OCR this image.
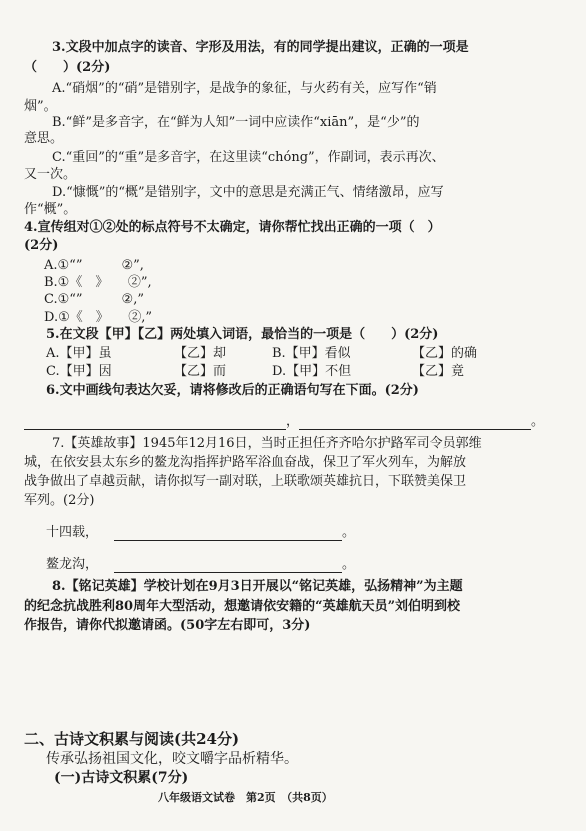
3.文段中加点字的读音、字形及用法，有的同学提出建议，正确的一项是
（　　）(2分)
A.“硝烟”的“硝”是错别字，是战争的象征，与火药有关，应写作“销
烟”。
B.“鲜”是多音字，在“鲜为人知”一词中应读作“xiān”，是“少”的
意思。
C.“重回”的“重”是多音字，在这里读“chóng”，作副词，表示再次、
又一次。
D.“慷慨”的“概”是错别字，文中的意思是充满正气、情绪激昂，应写
作“概”。
4.宣传组对①②处的标点符号不太确定，请你帮忙找出正确的一项（　）
(2分)
A.①“”　　　②”,
B.①《　》　　②”,
C.①“”　　　②,”
D.①《　》　　②,”
5.在文段【甲】【乙】两处填入词语，最恰当的一项是（　　）(2分)
A.【甲】虽	【乙】却	B.【甲】看似	【乙】的确
C.【甲】因	【乙】而	D.【甲】不但	【乙】竟
6.文中画线句表达欠妥，请将修改后的正确语句写在下面。(2分)
，	。
7.【英雄故事】1945年12月16日，当时正担任齐齐哈尔护路军司令员郭维
城，在依安县太东乡的鳌龙沟指挥护路军浴血奋战，保卫了军火列车，为解放
战争做出了卓越贡献，请你拟写一副对联，上联歌颂英雄抗日，下联赞美保卫
军列。(2分)
十四载，	。
鳌龙沟，	。
8.【铭记英雄】学校计划在9月3日开展以“铭记英雄，弘扬精神”为主题
的纪念抗战胜利80周年大型活动，想邀请依安籍的“英雄航天员”刘伯明到校
作报告，请你代拟邀请函。(50字左右即可，3分)
二、古诗文积累与阅读(共24分)
传承弘扬祖国文化，咬文嚼字品析精华。
(一)古诗文积累(7分)
八年级语文试卷　第2页　（共8页）
